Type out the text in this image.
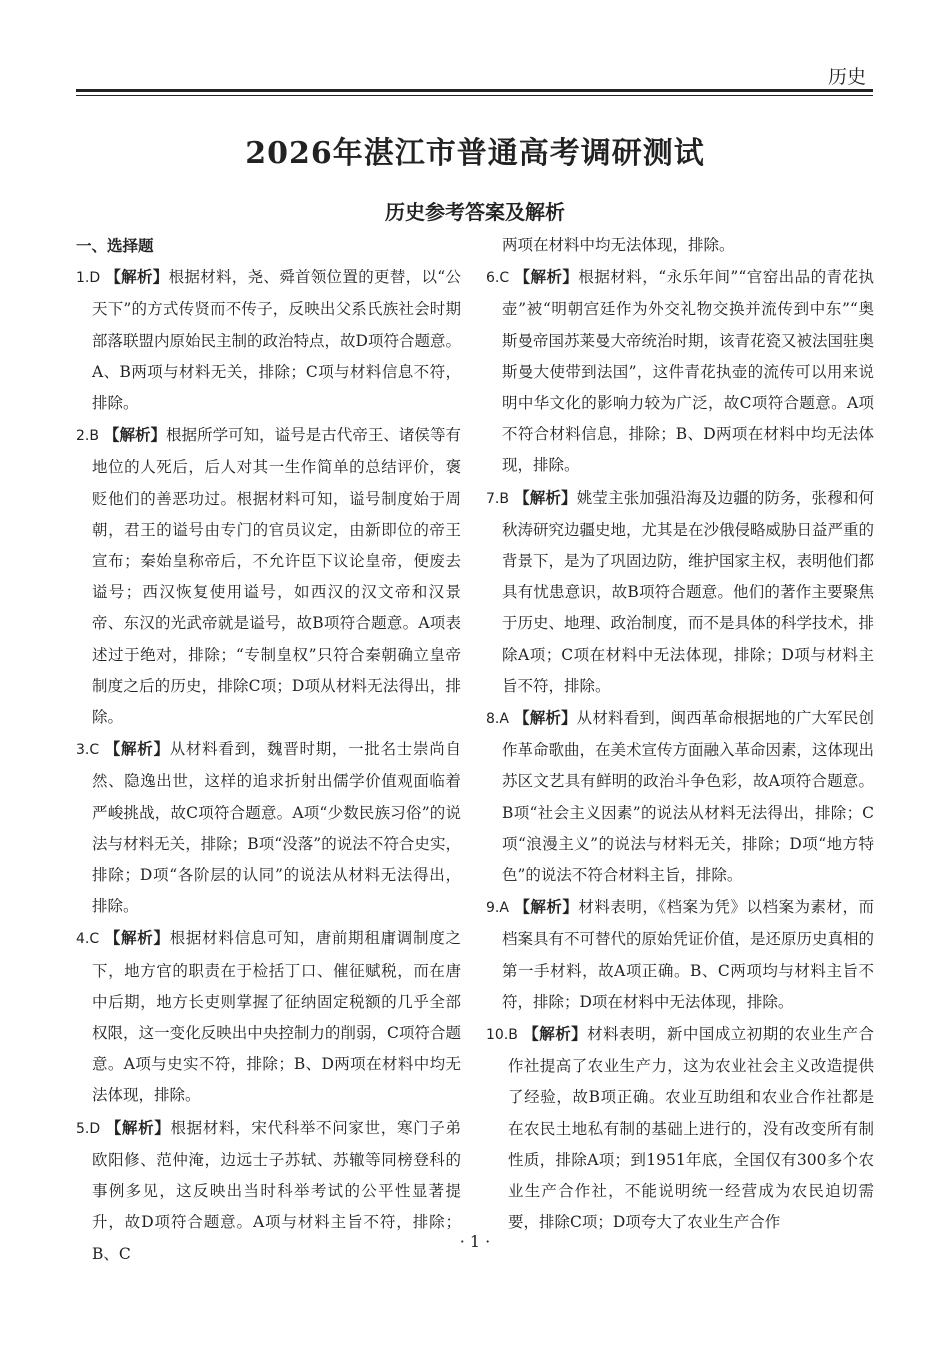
历史
2026年湛江市普通高考调研测试
历史参考答案及解析
一、选择题
1.D 【解析】根据材料，尧、舜首领位置的更替，以“公天下”的方式传贤而不传子，反映出父系氏族社会时期部落联盟内原始民主制的政治特点，故D项符合题意。A、B两项与材料无关，排除；C项与材料信息不符，排除。
2.B 【解析】根据所学可知，谥号是古代帝王、诸侯等有地位的人死后，后人对其一生作简单的总结评价，褒贬他们的善恶功过。根据材料可知，谥号制度始于周朝，君王的谥号由专门的官员议定，由新即位的帝王宣布；秦始皇称帝后，不允许臣下议论皇帝，便废去谥号；西汉恢复使用谥号，如西汉的汉文帝和汉景帝、东汉的光武帝就是谥号，故B项符合题意。A项表述过于绝对，排除；“专制皇权”只符合秦朝确立皇帝制度之后的历史，排除C项；D项从材料无法得出，排除。
3.C 【解析】从材料看到，魏晋时期，一批名士崇尚自然、隐逸出世，这样的追求折射出儒学价值观面临着严峻挑战，故C项符合题意。A项“少数民族习俗”的说法与材料无关，排除；B项“没落”的说法不符合史实，排除；D项“各阶层的认同”的说法从材料无法得出，排除。
4.C 【解析】根据材料信息可知，唐前期租庸调制度之下，地方官的职责在于检括丁口、催征赋税，而在唐中后期，地方长吏则掌握了征纳固定税额的几乎全部权限，这一变化反映出中央控制力的削弱，C项符合题意。A项与史实不符，排除；B、D两项在材料中均无法体现，排除。
5.D 【解析】根据材料，宋代科举不问家世，寒门子弟欧阳修、范仲淹，边远士子苏轼、苏辙等同榜登科的事例多见，这反映出当时科举考试的公平性显著提升，故D项符合题意。A项与材料主旨不符，排除；B、C
两项在材料中均无法体现，排除。
6.C 【解析】根据材料，“永乐年间”“官窑出品的青花执壶”被“明朝宫廷作为外交礼物交换并流传到中东”“奥斯曼帝国苏莱曼大帝统治时期，该青花瓷又被法国驻奥斯曼大使带到法国”，这件青花执壶的流传可以用来说明中华文化的影响力较为广泛，故C项符合题意。A项不符合材料信息，排除；B、D两项在材料中均无法体现，排除。
7.B 【解析】姚莹主张加强沿海及边疆的防务，张穆和何秋涛研究边疆史地，尤其是在沙俄侵略威胁日益严重的背景下，是为了巩固边防，维护国家主权，表明他们都具有忧患意识，故B项符合题意。他们的著作主要聚焦于历史、地理、政治制度，而不是具体的科学技术，排除A项；C项在材料中无法体现，排除；D项与材料主旨不符，排除。
8.A 【解析】从材料看到，闽西革命根据地的广大军民创作革命歌曲，在美术宣传方面融入革命因素，这体现出苏区文艺具有鲜明的政治斗争色彩，故A项符合题意。B项“社会主义因素”的说法从材料无法得出，排除；C项“浪漫主义”的说法与材料无关，排除；D项“地方特色”的说法不符合材料主旨，排除。
9.A 【解析】材料表明，《档案为凭》以档案为素材，而档案具有不可替代的原始凭证价值，是还原历史真相的第一手材料，故A项正确。B、C两项均与材料主旨不符，排除；D项在材料中无法体现，排除。
10.B 【解析】材料表明，新中国成立初期的农业生产合作社提高了农业生产力，这为农业社会主义改造提供了经验，故B项正确。农业互助组和农业合作社都是在农民土地私有制的基础上进行的，没有改变所有制性质，排除A项；到1951年底，全国仅有300多个农业生产合作社，不能说明统一经营成为农民迫切需要，排除C项；D项夸大了农业生产合作
· 1 ·
